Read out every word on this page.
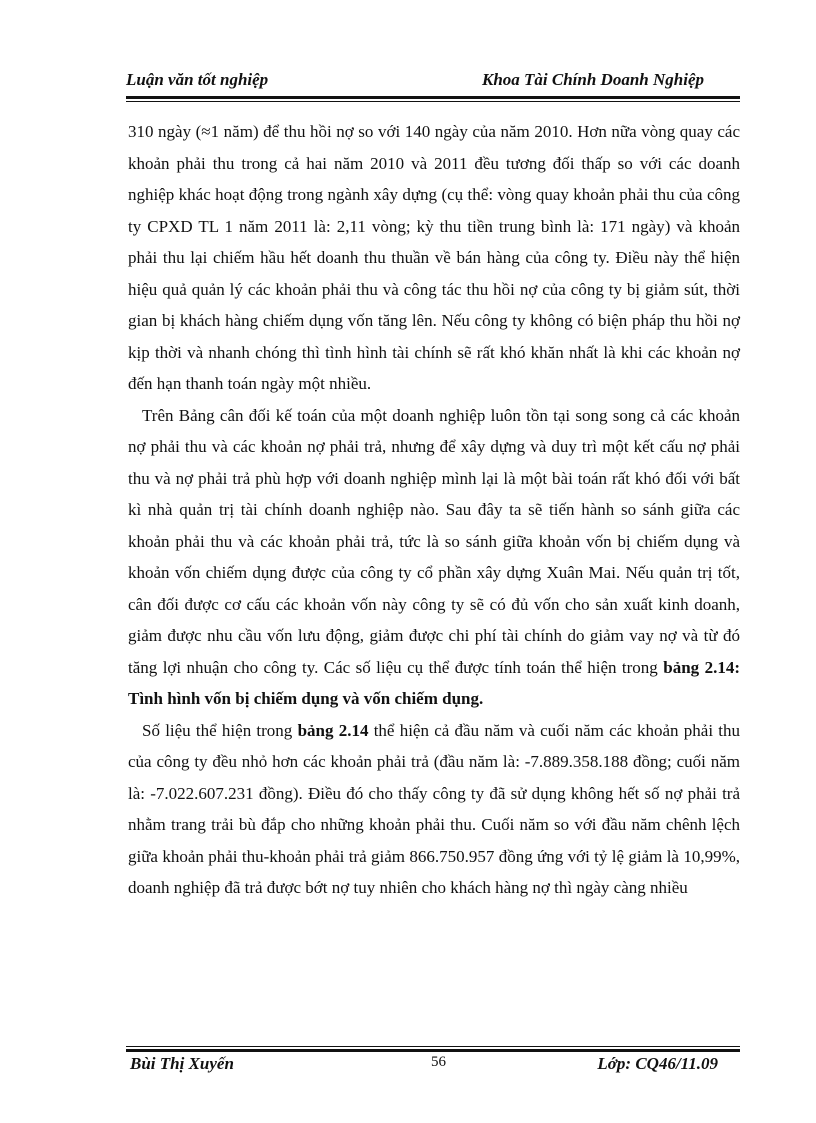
Luận văn tốt nghiệp	Khoa Tài Chính Doanh Nghiệp

310 ngày (≈1 năm) để thu hồi nợ so với 140 ngày của năm 2010. Hơn nữa vòng quay các khoản phải thu trong cả hai năm 2010 và 2011 đều tương đối thấp so với các doanh nghiệp khác hoạt động trong ngành xây dựng (cụ thể: vòng quay khoản phải thu của công ty CPXD TL 1 năm 2011 là: 2,11 vòng; kỳ thu tiền trung bình là: 171 ngày) và khoản phải thu lại chiếm hầu hết doanh thu thuần về bán hàng của công ty. Điều này thể hiện hiệu quả quản lý các khoản phải thu và công tác thu hồi nợ của công ty bị giảm sút, thời gian bị khách hàng chiếm dụng vốn tăng lên. Nếu công ty không có biện pháp thu hồi nợ kịp thời và nhanh chóng thì tình hình tài chính sẽ rất khó khăn nhất là khi các khoản nợ đến hạn thanh toán ngày một nhiều.

Trên Bảng cân đối kế toán của một doanh nghiệp luôn tồn tại song song cả các khoản nợ phải thu và các khoản nợ phải trả, nhưng để xây dựng và duy trì một kết cấu nợ phải thu và nợ phải trả phù hợp với doanh nghiệp mình lại là một bài toán rất khó đối với bất kì nhà quản trị tài chính doanh nghiệp nào. Sau đây ta sẽ tiến hành so sánh giữa các khoản phải thu và các khoản phải trả, tức là so sánh giữa khoản vốn bị chiếm dụng và khoản vốn chiếm dụng được của công ty cổ phần xây dựng Xuân Mai. Nếu quản trị tốt, cân đối được cơ cấu các khoản vốn này công ty sẽ có đủ vốn cho sản xuất kinh doanh, giảm được nhu cầu vốn lưu động, giảm được chi phí tài chính do giảm vay nợ và từ đó tăng lợi nhuận cho công ty. Các số liệu cụ thể được tính toán thể hiện trong bảng 2.14: Tình hình vốn bị chiếm dụng và vốn chiếm dụng.

Số liệu thể hiện trong bảng 2.14 thể hiện cả đầu năm và cuối năm các khoản phải thu của công ty đều nhỏ hơn các khoản phải trả (đầu năm là: -7.889.358.188 đồng; cuối năm là: -7.022.607.231 đồng). Điều đó cho thấy công ty đã sử dụng không hết số nợ phải trả nhằm trang trải bù đắp cho những khoản phải thu. Cuối năm so với đầu năm chênh lệch giữa khoản phải thu-khoản phải trả giảm 866.750.957 đồng ứng với tỷ lệ giảm là 10,99%, doanh nghiệp đã trả được bớt nợ tuy nhiên cho khách hàng nợ thì ngày càng nhiều

Bùi Thị Xuyến	56	Lớp: CQ46/11.09
